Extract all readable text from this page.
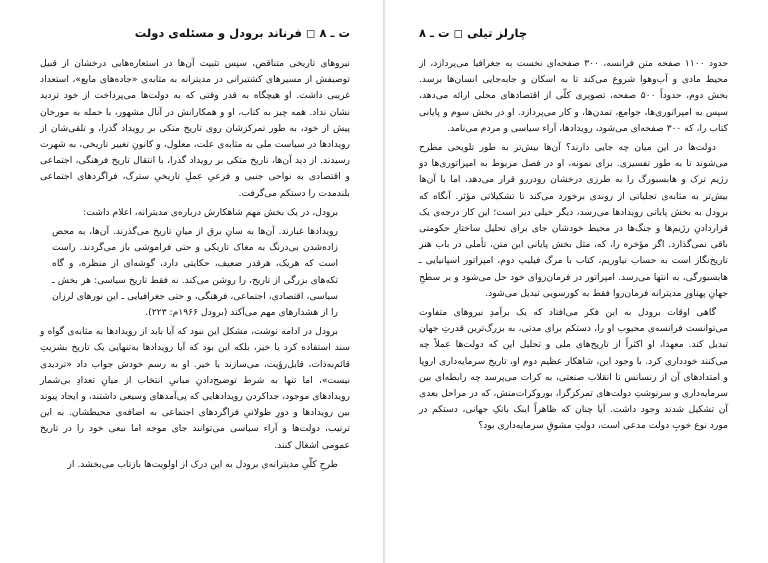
ت ـ ۸ ◻ فرناند برودل و مسئله‌ی دولت

نیروهای تاریخی متناقض، سپس تثبیت آن‌ها در استعاره‌هایی درخشان از قبیل توصیفش از مسیرهای کشتیرانی در مدیترانه به مثابه‌ی «جاده‌های مایع»، استعداد غریبی داشت. او هیچگاه به قدر وقتی که به دولت‌ها می‌پرداخت از خود تردید نشان نداد. همه چیز به کتاب، او و همکارانش در آنال مشهور، با حمله به مورخان پیش از خود، به طور تمرکزشان روی تاریخ متکی بر رویداد گذرا، و تلقی‌شان از رویدادها در سیاست ملی به مثابه‌ی علت، معلول، و کانونِ تغییر تاریخی، به شهرت رسیدند. از دید آن‌ها، تاریخ متکی بر رویداد گذرا، با انتقال تاریخ فرهنگی، اجتماعی و اقتصادی به نواحی جنبی و فرعیِ عملِ تاریخیِ سترگ، فراگردهای اجتماعی بلندمدت را دستکم می‌گرفت.

برودل، در یک بخش مهم شاهکارش درباره‌ی مدیترانه، اعلام داشت:

رویدادها غبارند. آن‌ها به سانِ برق از میانِ تاریخ می‌گذرند. آن‌ها، به محض زاده‌شدن بی‌درنگ به مغاک تاریکی و حتی فراموشی باز می‌گردند. راست است که هریک، هرقدر ضعیف، حکایتی دارد، گوشه‌ای از منظره، و گاه تکه‌های بزرگی از تاریخ، را روشن می‌کند. نه فقط تاریخ سیاسی: هر بخش ـ سیاسی، اقتصادی، اجتماعی، فرهنگی، و حتی جغرافیایی ـ این نورهای لرزان را از هشدارهای مهم می‌آکند (برودل ۱۹۶۶م: ۲۲۳).

برودل در ادامه نوشت، مشکل این نبود که آیا باید از رویدادها به مثابه‌ی گواه و سند استفاده کرد یا خیر، بلکه این بود که آیا رویدادها به‌تنهایی یک تاریخ بشریتِ قائم‌به‌ذات، قابل‌رؤیت، می‌سازند یا خیر. او به رسم خودش جواب داد «تردیدی نیست»، اما تنها به شرط توضیح‌دادنِ مبانیِ انتخاب از میانِ تعدادِ بی‌شمار رویدادهای موجود، جداکردن رویدادهایی که پی‌آمدهای وسیعی داشتند، و ایجاد پیوند بین رویدادها و دورِ طولانیِ فراگردهای اجتماعی به اضافه‌ی محیطشان. به این ترتیب، دولت‌ها و آراء سیاسی می‌توانند جای موجه اما نبعی خود را در تاریخ عمومی اشغال کنند.

طرحِ کلّیِ مدیترانه‌ی برودل به این درک از اولویت‌ها بازتاب می‌بخشد. از

چارلز تیلی ◻ ت ـ ۸

حدود ۱۱۰۰ صفحه متن فرانسه، ۳۰۰ صفحه‌ای نخست به جغرافیا می‌پردازد، از محیط مادی و آب‌وهوا شروع می‌کند تا به اسکان و جابه‌جایی انسان‌ها برسد. بخش دوم، حدوداً ۵۰۰ صفحه، تصویری کلّی از اقتصادهای محلی ارائه می‌دهد، سپس به امپراتوری‌ها، جوامع، تمدن‌ها، و کار می‌پردازد. او در بخش سوم و پایانی کتاب را، که ۳۰۰ صفحه‌ای می‌شود، رویدادها، آراء سیاسی و مردم می‌نامد.

دولت‌ها در این میان چه جایی دارند؟ آن‌ها بیش‌تر به طور تلویحی مطرح می‌شوند تا به طور تفسیری. برای نمونه، او در فصل مربوط به امپراتوری‌ها دو رژیم ترک و هابسبورگ را به طرزی درخشان رودررو قرار می‌دهد، اما با آن‌ها بیش‌تر به مثابه‌ی تجلیاتی از روندی برخورد می‌کند تا تشکیلاتی مؤثر. آنگاه که برودل به بخش پایانی رویدادها می‌رسد، دیگر خیلی دیر است؛ این کار درجه‌ی یک قراردادنِ رژیم‌ها و جنگ‌ها در محیط خودشان جای برای تحلیل ساختارِ حکومتی باقی نمی‌گذارد. اگر مؤخره را، که، مثل بخش پایانی این متن، تأملی در باب هنر تاریخ‌نگار است به حساب نیاوریم، کتاب با مرگ فیلیپ دوم، امپراتور اسپانیایی ـ هابسبورگی، به انتها می‌رسد. امپراتور در فرمان‌روای خود حل می‌شود و بر سطحِ جهانِ پهناورِ مدیترانه فرمان‌روا فقط به کورسویی تبدیل می‌شود.

گاهی اوقات برودل به این فکر می‌افتاد که یک برآمدِ نیروهای متفاوت می‌توانست فرانسه‌ی محبوب او را، دستکم برای مدتی، به بزرگ‌ترین قدرتِ جهان تبدیل کند. معهذا، او اکثراً از تاریخ‌های ملی و تحلیل این که دولت‌ها عملاً چه می‌کنند خودداری کرد. با وجود این، شاهکار عظیم دوم او، تاریخ سرمایه‌داری اروپا و امتدادهای آن از رنسانس تا انقلاب صنعتی، به کرات می‌پرسد چه رابطه‌ای بین سرمایه‌داری و سرنوشتِ دولت‌های تمرکزگرا، بوروکرات‌منش، که در مراحل بعدی آن تشکیل شدند وجود داشت. آیا چنان که ظاهراً اینک بانکِ جهانی، دستکم در مورد نوع خوبِ دولت مدعی است، دولتِ مشوقِ سرمایه‌داری بود؟
